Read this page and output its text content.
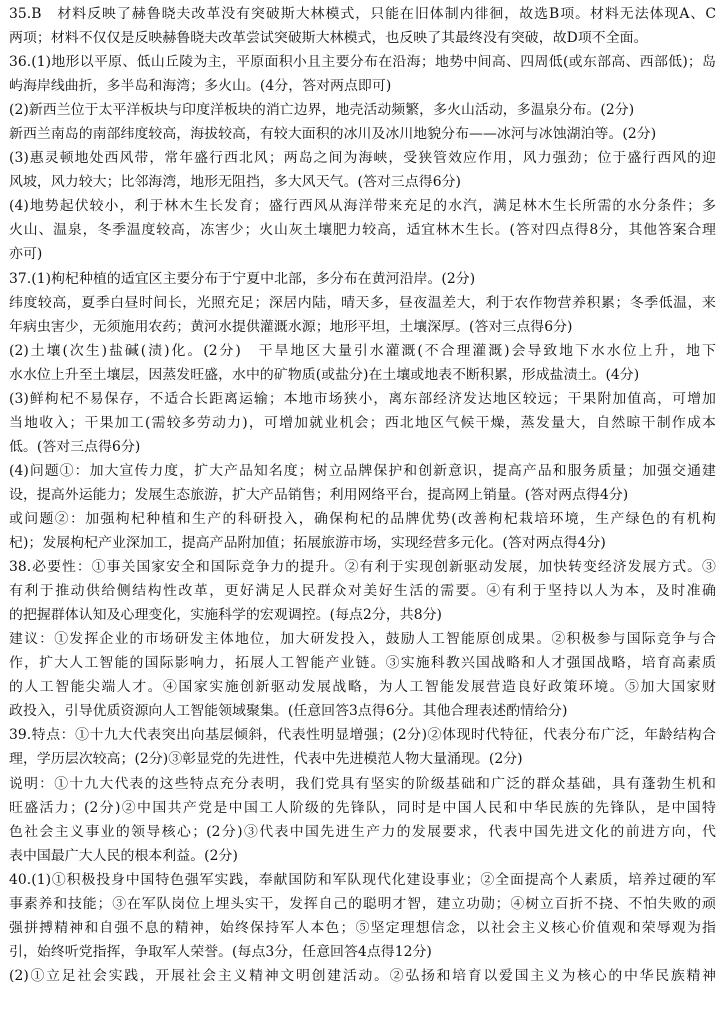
35.B　材料反映了赫鲁晓夫改革没有突破斯大林模式，只能在旧体制内徘徊，故选B项。材料无法体现A、C
两项；材料不仅仅是反映赫鲁晓夫改革尝试突破斯大林模式，也反映了其最终没有突破，故D项不全面。
36.(1)地形以平原、低山丘陵为主，平原面积小且主要分布在沿海；地势中间高、四周低(或东部高、西部低)；岛
屿海岸线曲折，多半岛和海湾；多火山。(4分，答对两点即可)
(2)新西兰位于太平洋板块与印度洋板块的消亡边界，地壳活动频繁，多火山活动，多温泉分布。(2分)
新西兰南岛的南部纬度较高，海拔较高，有较大面积的冰川及冰川地貌分布——冰河与冰蚀湖泊等。(2分)
(3)惠灵顿地处西风带，常年盛行西北风；两岛之间为海峡，受狭管效应作用，风力强劲；位于盛行西风的迎
风坡，风力较大；比邻海湾，地形无阻挡，多大风天气。(答对三点得6分)
(4)地势起伏较小，利于林木生长发育；盛行西风从海洋带来充足的水汽，满足林木生长所需的水分条件；多
火山、温泉，冬季温度较高，冻害少；火山灰土壤肥力较高，适宜林木生长。(答对四点得8分，其他答案合理
亦可)
37.(1)枸杞种植的适宜区主要分布于宁夏中北部，多分布在黄河沿岸。(2分)
纬度较高，夏季白昼时间长，光照充足；深居内陆，晴天多，昼夜温差大，利于农作物营养积累；冬季低温，来
年病虫害少，无须施用农药；黄河水提供灌溉水源；地形平坦，土壤深厚。(答对三点得6分)
(2)土壤(次生)盐碱(渍)化。(2分)　干旱地区大量引水灌溉(不合理灌溉)会导致地下水水位上升，地下
水水位上升至土壤层，因蒸发旺盛，水中的矿物质(或盐分)在土壤或地表不断积累，形成盐渍土。(4分)
(3)鲜枸杞不易保存，不适合长距离运输；本地市场狭小，离东部经济发达地区较远；干果附加值高，可增加
当地收入；干果加工(需较多劳动力)，可增加就业机会；西北地区气候干燥，蒸发量大，自然晾干制作成本
低。(答对三点得6分)
(4)问题①：加大宣传力度，扩大产品知名度；树立品牌保护和创新意识，提高产品和服务质量；加强交通建
设，提高外运能力；发展生态旅游，扩大产品销售；利用网络平台，提高网上销量。(答对两点得4分)
或问题②：加强枸杞种植和生产的科研投入，确保枸杞的品牌优势(改善枸杞栽培环境，生产绿色的有机枸
杞)；发展枸杞产业深加工，提高产品附加值；拓展旅游市场，实现经营多元化。(答对两点得4分)
38.必要性：①事关国家安全和国际竞争力的提升。②有利于实现创新驱动发展，加快转变经济发展方式。③
有利于推动供给侧结构性改革，更好满足人民群众对美好生活的需要。④有利于坚持以人为本，及时准确
的把握群体认知及心理变化，实施科学的宏观调控。(每点2分，共8分)
建议：①发挥企业的市场研发主体地位，加大研发投入，鼓励人工智能原创成果。②积极参与国际竞争与合
作，扩大人工智能的国际影响力，拓展人工智能产业链。③实施科教兴国战略和人才强国战略，培育高素质
的人工智能尖端人才。④国家实施创新驱动发展战略，为人工智能发展营造良好政策环境。⑤加大国家财
政投入，引导优质资源向人工智能领域聚集。(任意回答3点得6分。其他合理表述酌情给分)
39.特点：①十九大代表突出向基层倾斜，代表性明显增强；(2分)②体现时代特征，代表分布广泛，年龄结构合
理，学历层次较高；(2分)③彰显党的先进性，代表中先进模范人物大量涌现。(2分)
说明：①十九大代表的这些特点充分表明，我们党具有坚实的阶级基础和广泛的群众基础，具有蓬勃生机和
旺盛活力；(2分)②中国共产党是中国工人阶级的先锋队，同时是中国人民和中华民族的先锋队，是中国特
色社会主义事业的领导核心；(2分)③代表中国先进生产力的发展要求，代表中国先进文化的前进方向，代
表中国最广大人民的根本利益。(2分)
40.(1)①积极投身中国特色强军实践，奉献国防和军队现代化建设事业；②全面提高个人素质，培养过硬的军
事素养和技能；③在军队岗位上埋头实干，发挥自己的聪明才智，建立功勋；④树立百折不挠、不怕失败的顽
强拼搏精神和自强不息的精神，始终保持军人本色；⑤坚定理想信念，以社会主义核心价值观和荣辱观为指
引，始终听党指挥，争取军人荣誉。(每点3分，任意回答4点得12分)
(2)①立足社会实践，开展社会主义精神文明创建活动。②弘扬和培育以爱国主义为核心的中华民族精神
